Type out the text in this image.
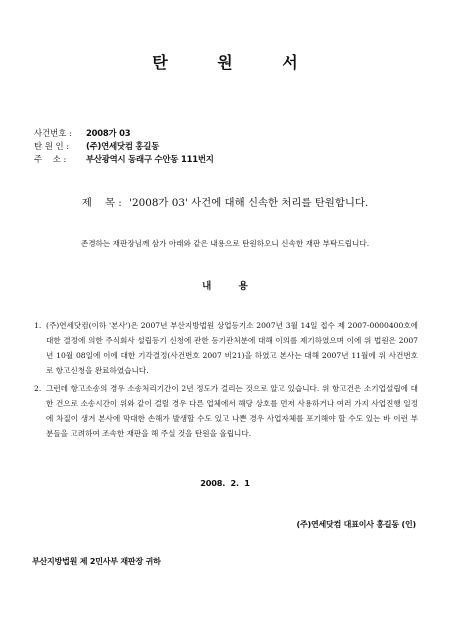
탄 원 서
사건번호 :	2008가 03
탄 원 인 :	(주)연세닷컴 홍길동
주    소 :	부산광역시 동래구 수안동 111번지
제    목 : '2008가 03' 사건에 대해 신속한 처리를 탄원합니다.
존경하는 재판장님께 삼가 아래와 같은 내용으로 탄원하오니 신속한 재판 부탁드립니다.
내 용
1. (주)연세닷컴(이하 '본사')은 2007년 부산지방법원 상업등기소 2007년 3월 14일 접수 제 2007-0000400호에 대한 결정에 의한 주식회사 설립등기 신청에 관한 등기관처분에 대해 이의를 제기하였으며 이에 위 법원은 2007년 10월 08일에 이에 대한 기각결정(사건번호 2007 비21)을 하였고 본사는 대해 2007년 11월에 위 사건번호로 항고신청을 완료하였습니다.
2. 그런데 항고소송의 경우 소송처리기간이 2년 정도가 걸리는 것으로 알고 있습니다. 위 항고건은 소기업설립에 대한 건으로 소송시간이 위와 같이 걸릴 경우 다른 업체에서 해당 상호를 먼저 사용하거나 여러 가지 사업진행 일정에 차질이 생겨 본사에 막대한 손해가 발생할 수도 있고 나쁜 경우 사업자체를 포기해야 할 수도 있는 바 이런 부분들을 고려하여 조속한 재판을 해 주실 것을 탄원을 올립니다.
2008.  2.  1
(주)연세닷컴 대표이사 홍길동 (인)
부산지방법원 제 2민사부 재판장 귀하
